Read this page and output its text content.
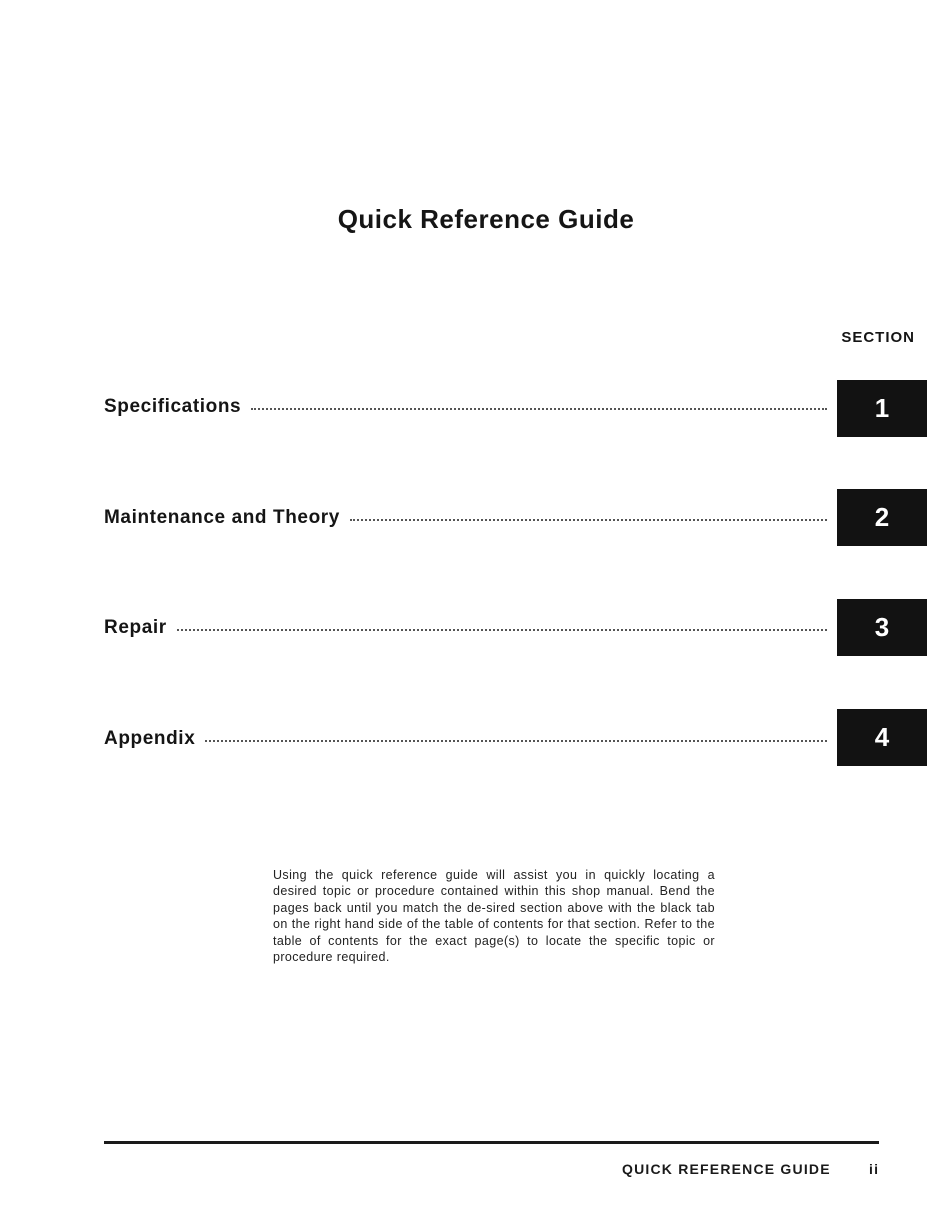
Quick Reference Guide
SECTION
Specifications	1
Maintenance and Theory	2
Repair	3
Appendix	4
Using the quick reference guide will assist you in quickly locating a desired topic or procedure contained within this shop manual. Bend the pages back until you match the de-sired section above with the black tab on the right hand side of the table of contents for that section. Refer to the table of contents for the exact page(s) to locate the specific topic or procedure required.
QUICK REFERENCE GUIDE	ii
